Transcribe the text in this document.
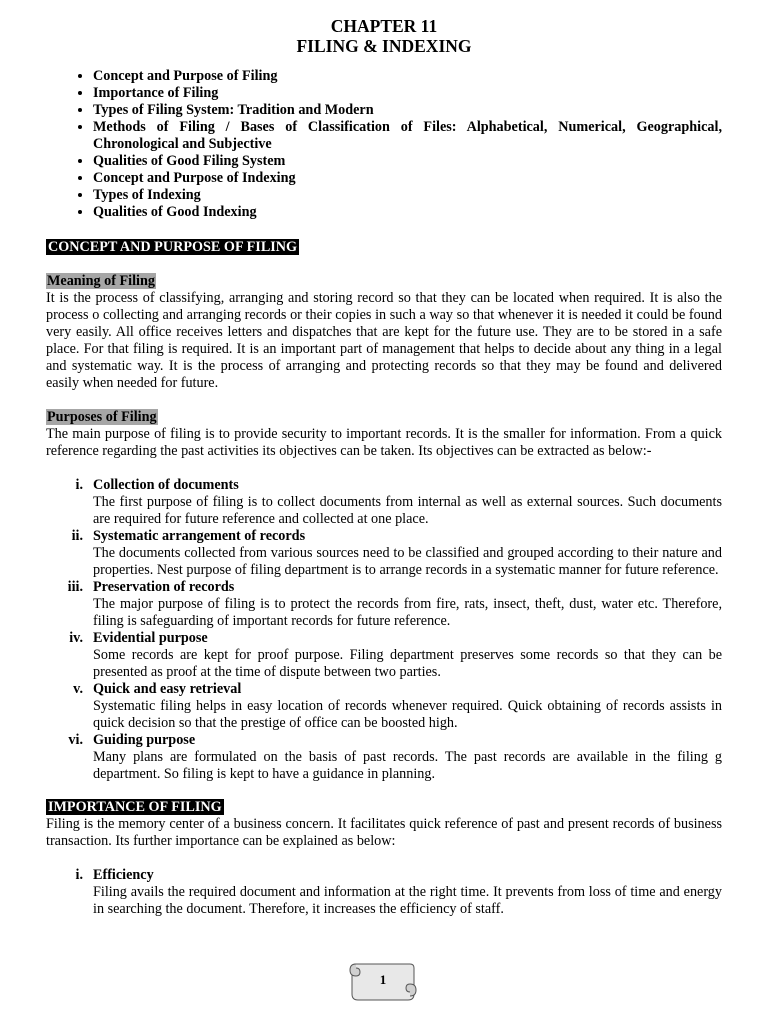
CHAPTER 11
FILING & INDEXING
• Concept and Purpose of Filing
• Importance of Filing
• Types of Filing System: Tradition and Modern
• Methods of Filing / Bases of Classification of Files: Alphabetical, Numerical, Geographical, Chronological and Subjective
• Qualities of Good Filing System
• Concept and Purpose of Indexing
• Types of Indexing
• Qualities of Good Indexing
CONCEPT AND PURPOSE OF FILING
Meaning of Filing

It is the process of classifying, arranging and storing record so that they can be located when required. It is also the process o collecting and arranging records or their copies in such a way so that whenever it is needed it could be found very easily. All office receives letters and dispatches that are kept for the future use. They are to be stored in a safe place. For that filing is required. It is an important part of management that helps to decide about any thing in a legal and systematic way. It is the process of arranging and protecting records so that they may be found and delivered easily when needed for future.

Purposes of Filing

The main purpose of filing is to provide security to important records. It is the smaller for information. From a quick reference regarding the past activities its objectives can be taken. Its objectives can be extracted as below:-

i. Collection of documents
The first purpose of filing is to collect documents from internal as well as external sources. Such documents are required for future reference and collected at one place.
ii. Systematic arrangement of records
The documents collected from various sources need to be classified and grouped according to their nature and properties. Nest purpose of filing department is to arrange records in a systematic manner for future reference.
iii. Preservation of records
The major purpose of filing is to protect the records from fire, rats, insect, theft, dust, water etc. Therefore, filing is safeguarding of important records for future reference.
iv. Evidential purpose
Some records are kept for proof purpose. Filing department preserves some records so that they can be presented as proof at the time of dispute between two parties.
v. Quick and easy retrieval
Systematic filing helps in easy location of records whenever required. Quick obtaining of records assists in quick decision so that the prestige of office can be boosted high.
vi. Guiding purpose
Many plans are formulated on the basis of past records. The past records are available in the filing g department. So filing is kept to have a guidance in planning.
IMPORTANCE OF FILING

Filing is the memory center of a business concern. It facilitates quick reference of past and present records of business transaction. Its further importance can be explained as below:

i. Efficiency
Filing avails the required document and information at the right time. It prevents from loss of time and energy in searching the document. Therefore, it increases the efficiency of staff.
1
